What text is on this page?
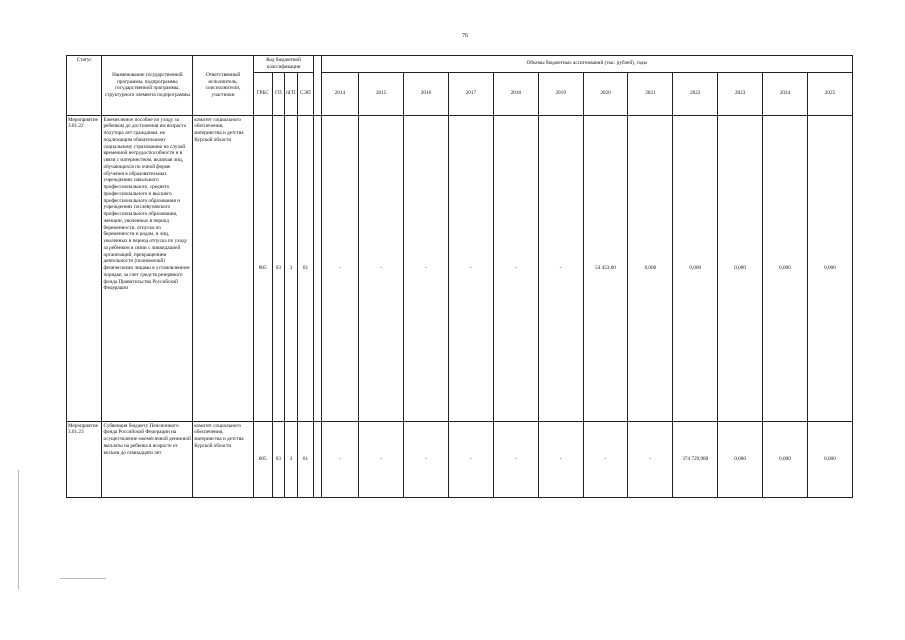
76
Статус	Наименование государственной программы, подпрограммы государственной программы, структурного элемента подпрограммы	Ответственный исполнитель, соисполнители, участники	Код бюджетной классификации					Объемы бюджетных ассигнований (тыс. рублей), годы											
			ГРБС	ГП	пГП	СЭП		2014	2015	2016	2017	2018	2019	2020	2021	2022	2023	2024	2025
Мероприятие 3.01.22	Ежемесячное пособие по уходу за ребенком до достижения им возраста полутора лет гражданам, не подлежащим обязательному социальному страхованию на случай временной нетрудоспособности и в связи с материнством, включая лиц, обучающихся по очной форме обучения в образовательных учреждениях начального профессионального, среднего профессионального и высшего профессионального образования и учреждениях послевузовского профессионального образования, женщин, уволенных в период беременности, отпуска по беременности и родам, и лиц, уволенных в период отпуска по уходу за ребенком в связи с ликвидацией организаций, прекращением деятельности (полномочий) физическими лицами в установленном порядке, за счет средств резервного фонда Правительства Российской Федерации	комитет социального обеспечения, материнства и детства Курской области	805	03	3	01		-	-	-	-	-	-	54 453,60	0,000	0,000	0,000	0,000	0,000
Мероприятие 3.01.23	Субвенция бюджету Пенсионного фонда Российской Федерации на осуществление ежемесячной денежной выплаты на ребенка в возрасте от восьми до семнадцати лет	комитет социального обеспечения, материнства и детства Курской области	805	03	3	01		-	-	-	-	-	-	-	-	374 729,900	0,000	0,000	0,000
